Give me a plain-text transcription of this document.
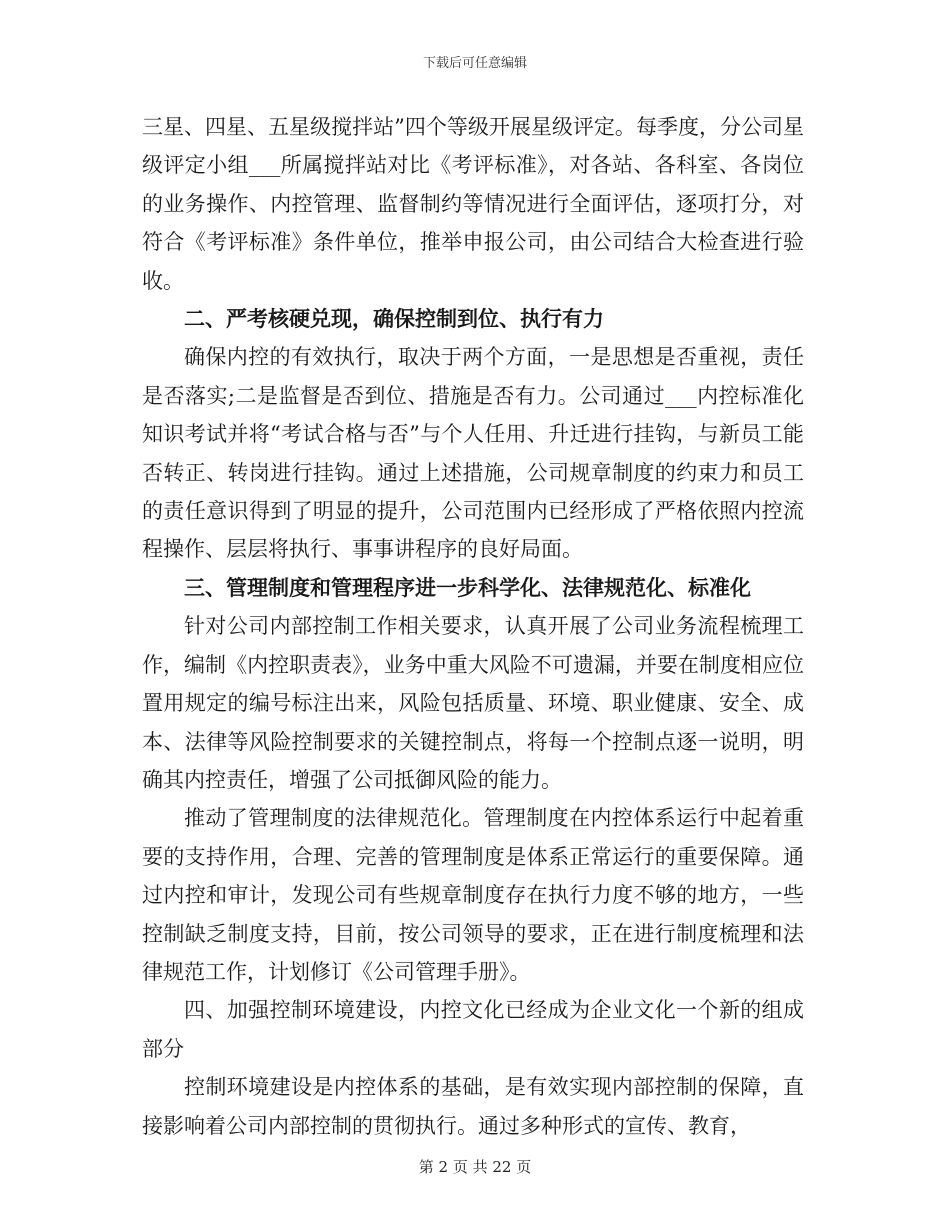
下载后可任意编辑

三星、四星、五星级搅拌站”四个等级开展星级评定。每季度，分公司星级评定小组___所属搅拌站对比《考评标准》，对各站、各科室、各岗位的业务操作、内控管理、监督制约等情况进行全面评估，逐项打分，对符合《考评标准》条件单位，推举申报公司，由公司结合大检查进行验收。

二、严考核硬兑现，确保控制到位、执行有力

确保内控的有效执行，取决于两个方面，一是思想是否重视，责任是否落实;二是监督是否到位、措施是否有力。公司通过___内控标准化知识考试并将“考试合格与否”与个人任用、升迁进行挂钩，与新员工能否转正、转岗进行挂钩。通过上述措施，公司规章制度的约束力和员工的责任意识得到了明显的提升，公司范围内已经形成了严格依照内控流程操作、层层将执行、事事讲程序的良好局面。

三、管理制度和管理程序进一步科学化、法律规范化、标准化

针对公司内部控制工作相关要求，认真开展了公司业务流程梳理工作，编制《内控职责表》，业务中重大风险不可遗漏，并要在制度相应位置用规定的编号标注出来，风险包括质量、环境、职业健康、安全、成本、法律等风险控制要求的关键控制点，将每一个控制点逐一说明，明确其内控责任，增强了公司抵御风险的能力。

推动了管理制度的法律规范化。管理制度在内控体系运行中起着重要的支持作用，合理、完善的管理制度是体系正常运行的重要保障。通过内控和审计，发现公司有些规章制度存在执行力度不够的地方，一些控制缺乏制度支持，目前，按公司领导的要求，正在进行制度梳理和法律规范工作，计划修订《公司管理手册》。

四、加强控制环境建设，内控文化已经成为企业文化一个新的组成部分

控制环境建设是内控体系的基础，是有效实现内部控制的保障，直接影响着公司内部控制的贯彻执行。通过多种形式的宣传、教育，

第 2 页 共 22 页
